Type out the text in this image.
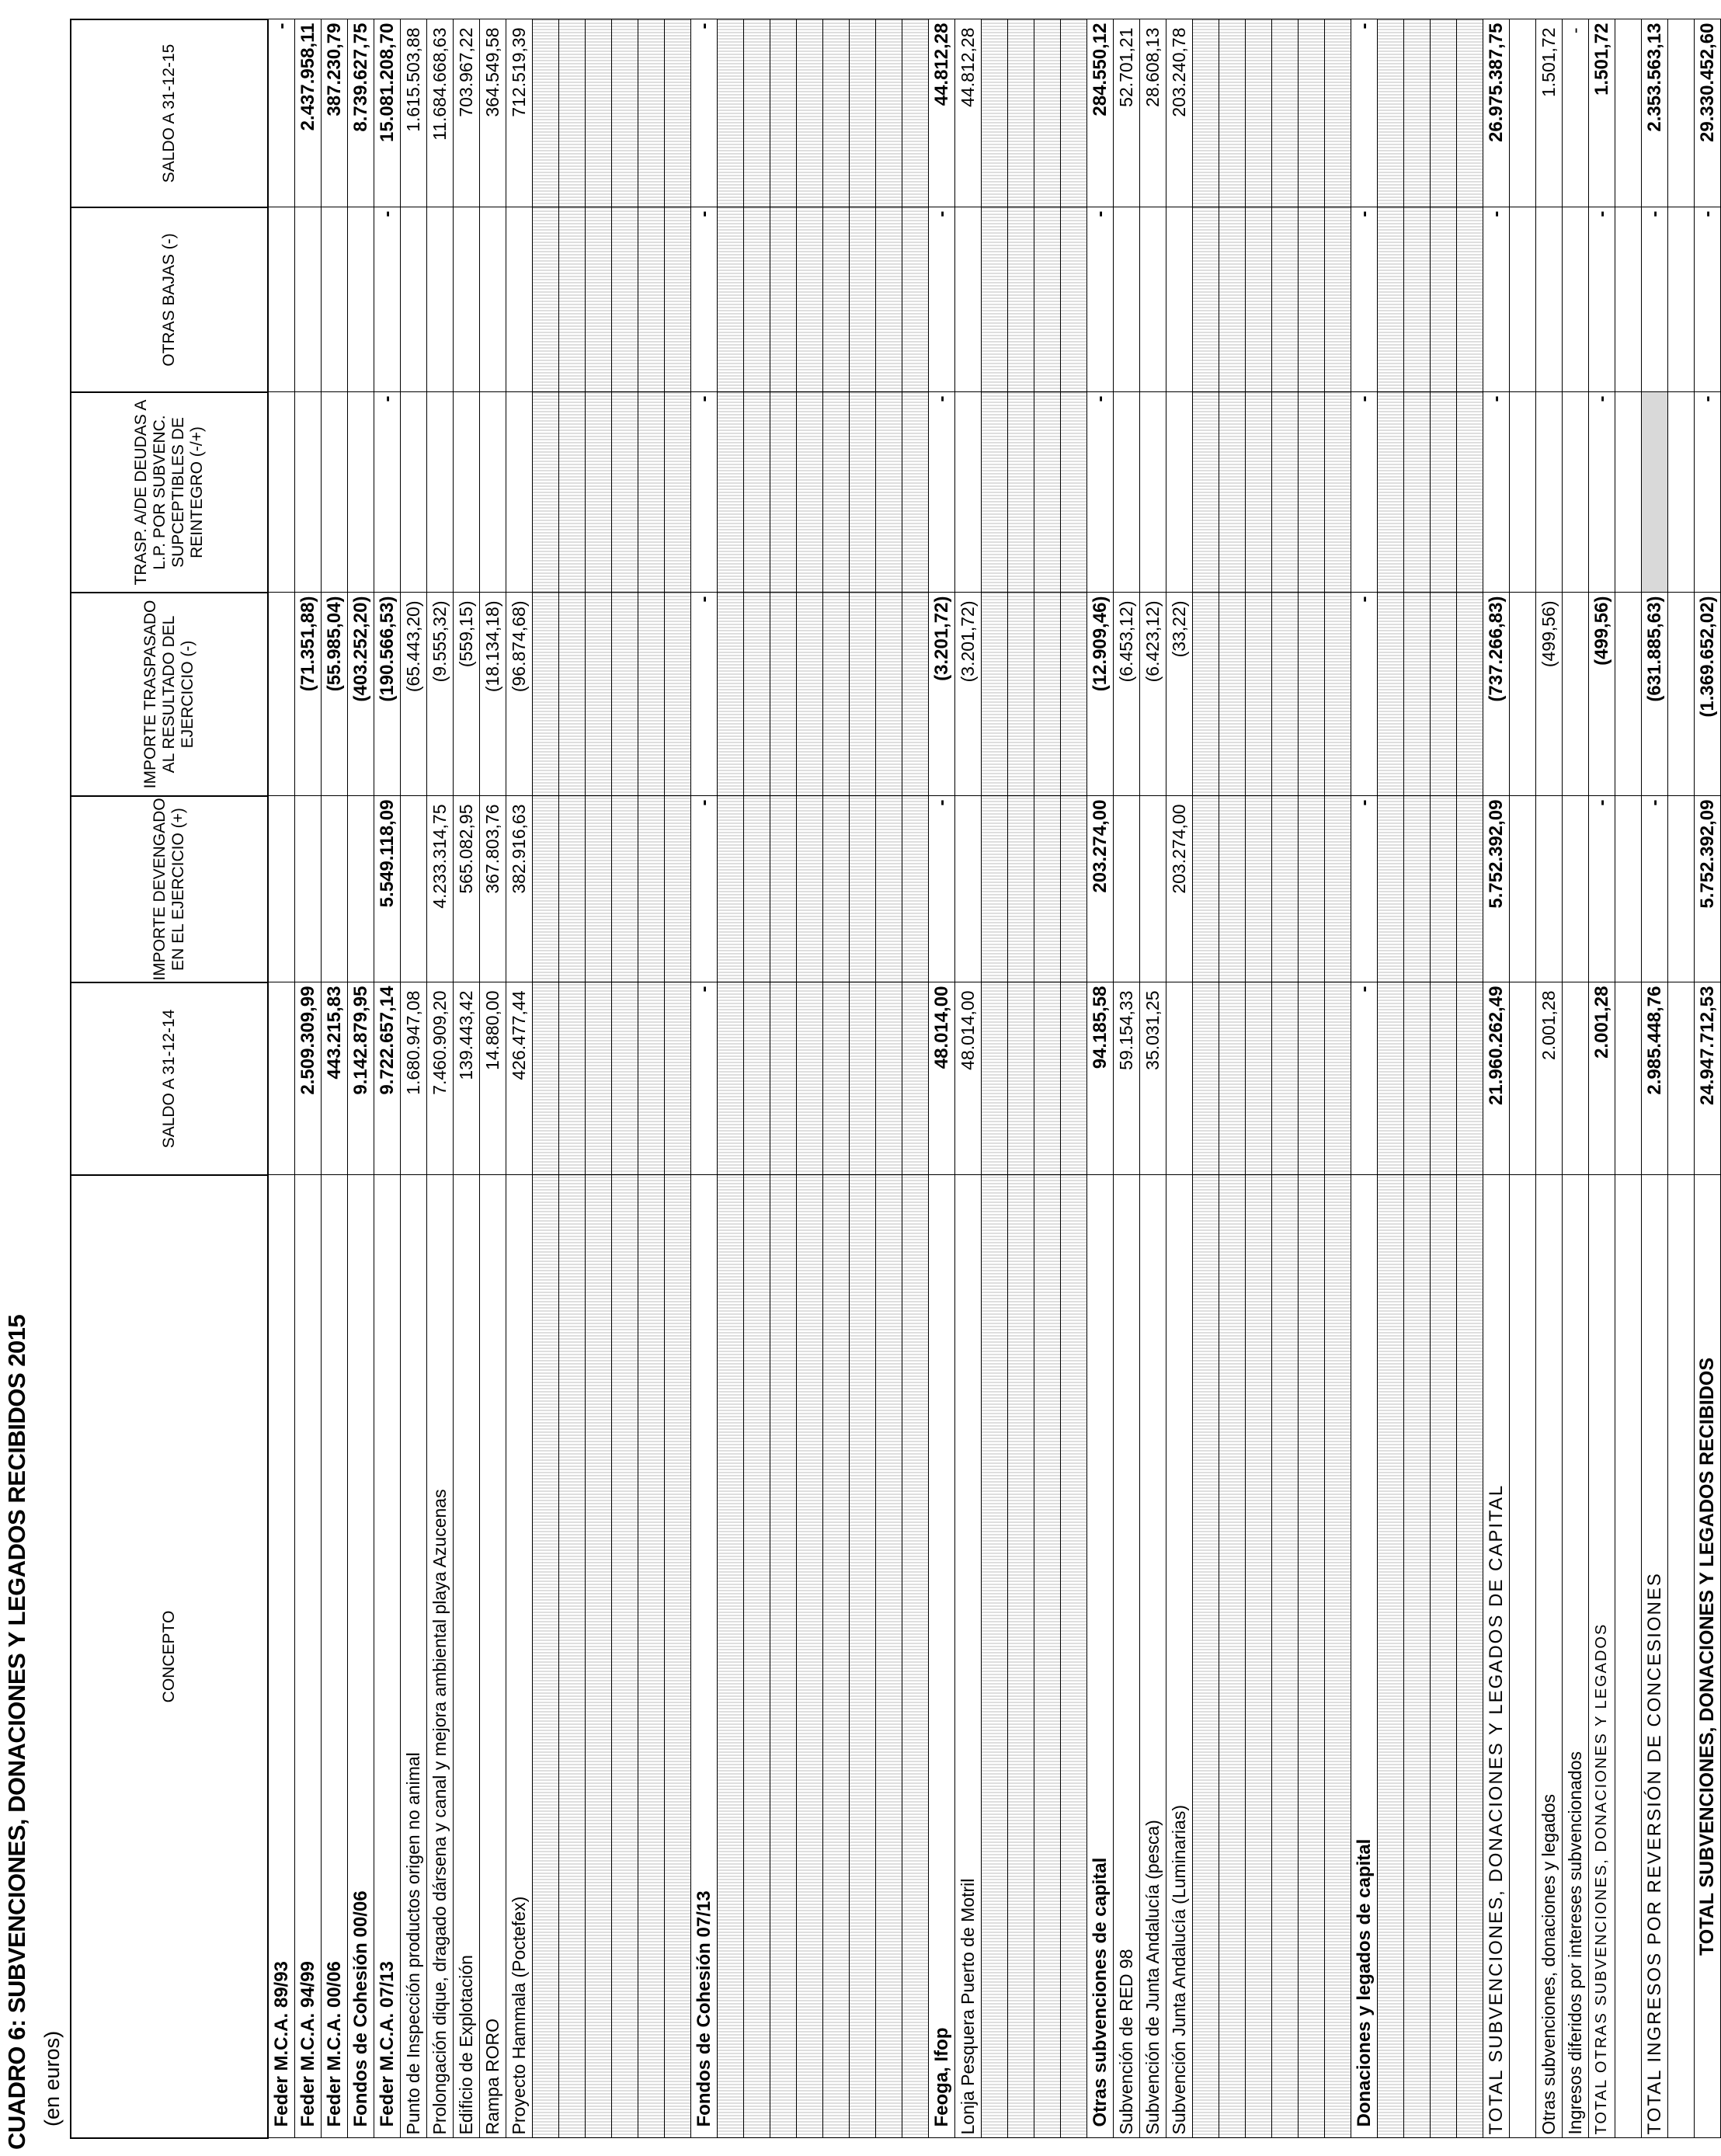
CUADRO 6: SUBVENCIONES, DONACIONES Y LEGADOS RECIBIDOS 2015 (en euros)
CONCEPTO	SALDO A 31-12-14	IMPORTE DEVENGADO EN EL EJERCICIO (+)	IMPORTE TRASPASADO AL RESULTADO DEL EJERCICIO (-)	TRASP. A/DE DEUDAS A L.P. POR SUBVENC. SUPCEPTIBLES DE REINTEGRO (-/+)	OTRAS BAJAS (-)	SALDO A 31-12-15
Feder M.C.A. 89/93						-
Feder M.C.A. 94/99	2.509.309,99		(71.351,88)			2.437.958,11
Feder M.C.A. 00/06	443.215,83		(55.985,04)			387.230,79
Fondos de Cohesión 00/06	9.142.879,95		(403.252,20)			8.739.627,75
Feder M.C.A. 07/13	9.722.657,14	5.549.118,09	(190.566,53)	-	-	15.081.208,70
Punto de Inspección productos origen no animal	1.680.947,08		(65.443,20)			1.615.503,88
Prolongación dique, dragado dársena y canal y mejora ambiental playa Azucenas	7.460.909,20	4.233.314,75	(9.555,32)			11.684.668,63
Edificio de Explotación	139.443,42	565.082,95	(559,15)			703.967,22
Rampa RORO	14.880,00	367.803,76	(18.134,18)			364.549,58
Proyecto Hammala (Poctefex)	426.477,44	382.916,63	(96.874,68)			712.519,39

Fondos de Cohesión 07/13	-	-	-	-	-	-

Feoga, Ifop	48.014,00	-	(3.201,72)	-	-	44.812,28
Lonja Pesquera Puerto de Motril	48.014,00		(3.201,72)			44.812,28

Otras subvenciones de capital	94.185,58	203.274,00	(12.909,46)	-	-	284.550,12
Subvención de RED 98	59.154,33		(6.453,12)			52.701,21
Subvención de Junta Andalucía (pesca)	35.031,25		(6.423,12)			28.608,13
Subvención Junta Andalucía (Luminarias)		203.274,00	(33,22)			203.240,78

Donaciones y legados de capital	-	-	-	-	-	-

TOTAL SUBVENCIONES, DONACIONES Y LEGADOS DE CAPITAL	21.960.262,49	5.752.392,09	(737.266,83)	-	-	26.975.387,75

Otras subvenciones, donaciones y legados	2.001,28		(499,56)			1.501,72
Ingresos diferidos por intereses subvencionados						-
TOTAL OTRAS SUBVENCIONES, DONACIONES Y LEGADOS	2.001,28	-	(499,56)	-	-	1.501,72

TOTAL INGRESOS POR REVERSIÓN DE CONCESIONES	2.985.448,76	-	(631.885,63)		-	2.353.563,13

TOTAL SUBVENCIONES, DONACIONES Y LEGADOS RECIBIDOS	24.947.712,53	5.752.392,09	(1.369.652,02)	-	-	29.330.452,60
